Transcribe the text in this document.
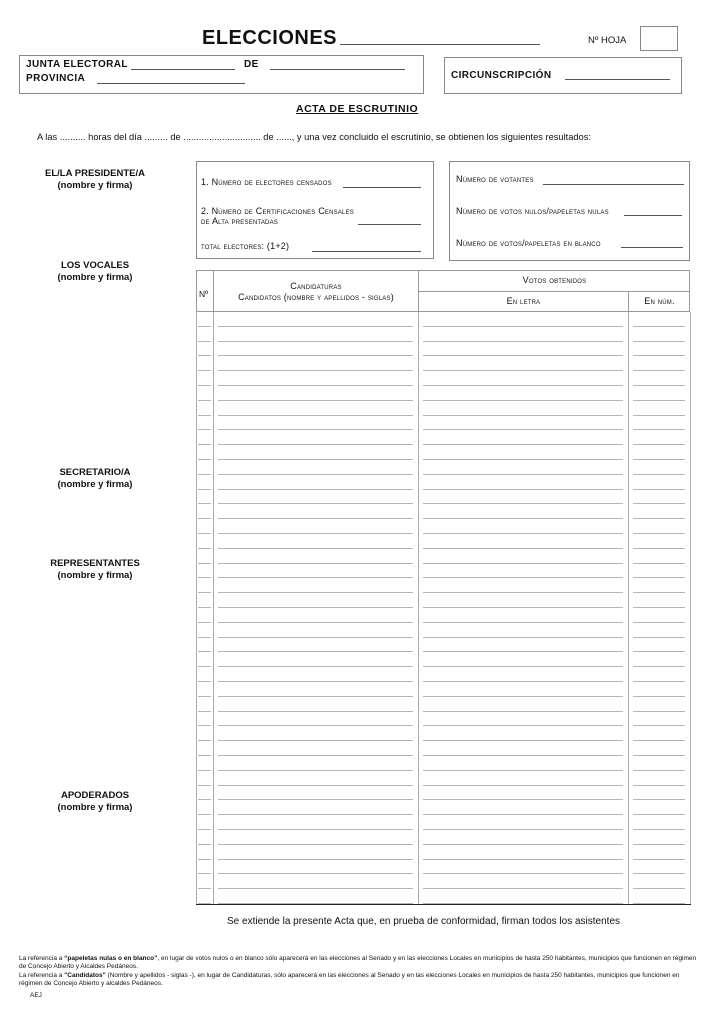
ELECCIONES	Nº HOJA
JUNTA ELECTORAL	DE
PROVINCIA	CIRCUNSCRIPCIÓN
ACTA DE ESCRUTINIO
A las .......... horas del día ......... de .............................. de ......, y una vez concluido el escrutinio, se obtienen los siguientes resultados:
EL/LA PRESIDENTE/A
(nombre y firma)
LOS VOCALES
(nombre y firma)
SECRETARIO/A
(nombre y firma)
REPRESENTANTES
(nombre y firma)
APODERADOS
(nombre y firma)
1. Número de electores censados
2. Número de Certificaciones Censales
de Alta presentadas
total electores: (1+2)
Número de votantes
Número de votos nulos/papeletas nulas
Número de votos/papeletas en blanco
Nº
Candidaturas
Candidatos (nombre y apellidos - siglas)
Votos obtenidos
En letra	En núm.
Se extiende la presente Acta que, en prueba de conformidad, firman todos los asistentes
La referencia a “papeletas nulas o en blanco”, en lugar de votos nulos o en blanco sólo aparecerá en las elecciones al Senado y en las elecciones Locales en municipios de hasta 250 habitantes, municipios que funcionen en régimen de Concejo Abierto y Alcaldes Pedáneos.
La referencia a "Candidatos" (Nombre y apellidos - siglas -), en lugar de Candidaturas, sólo aparecerá en las elecciones al Senado y en las elecciones Locales en municipios de hasta 250 habitantes, municipios que funcionen en régimen de Concejo Abierto y alcaldes Pedáneos.
AEJ
